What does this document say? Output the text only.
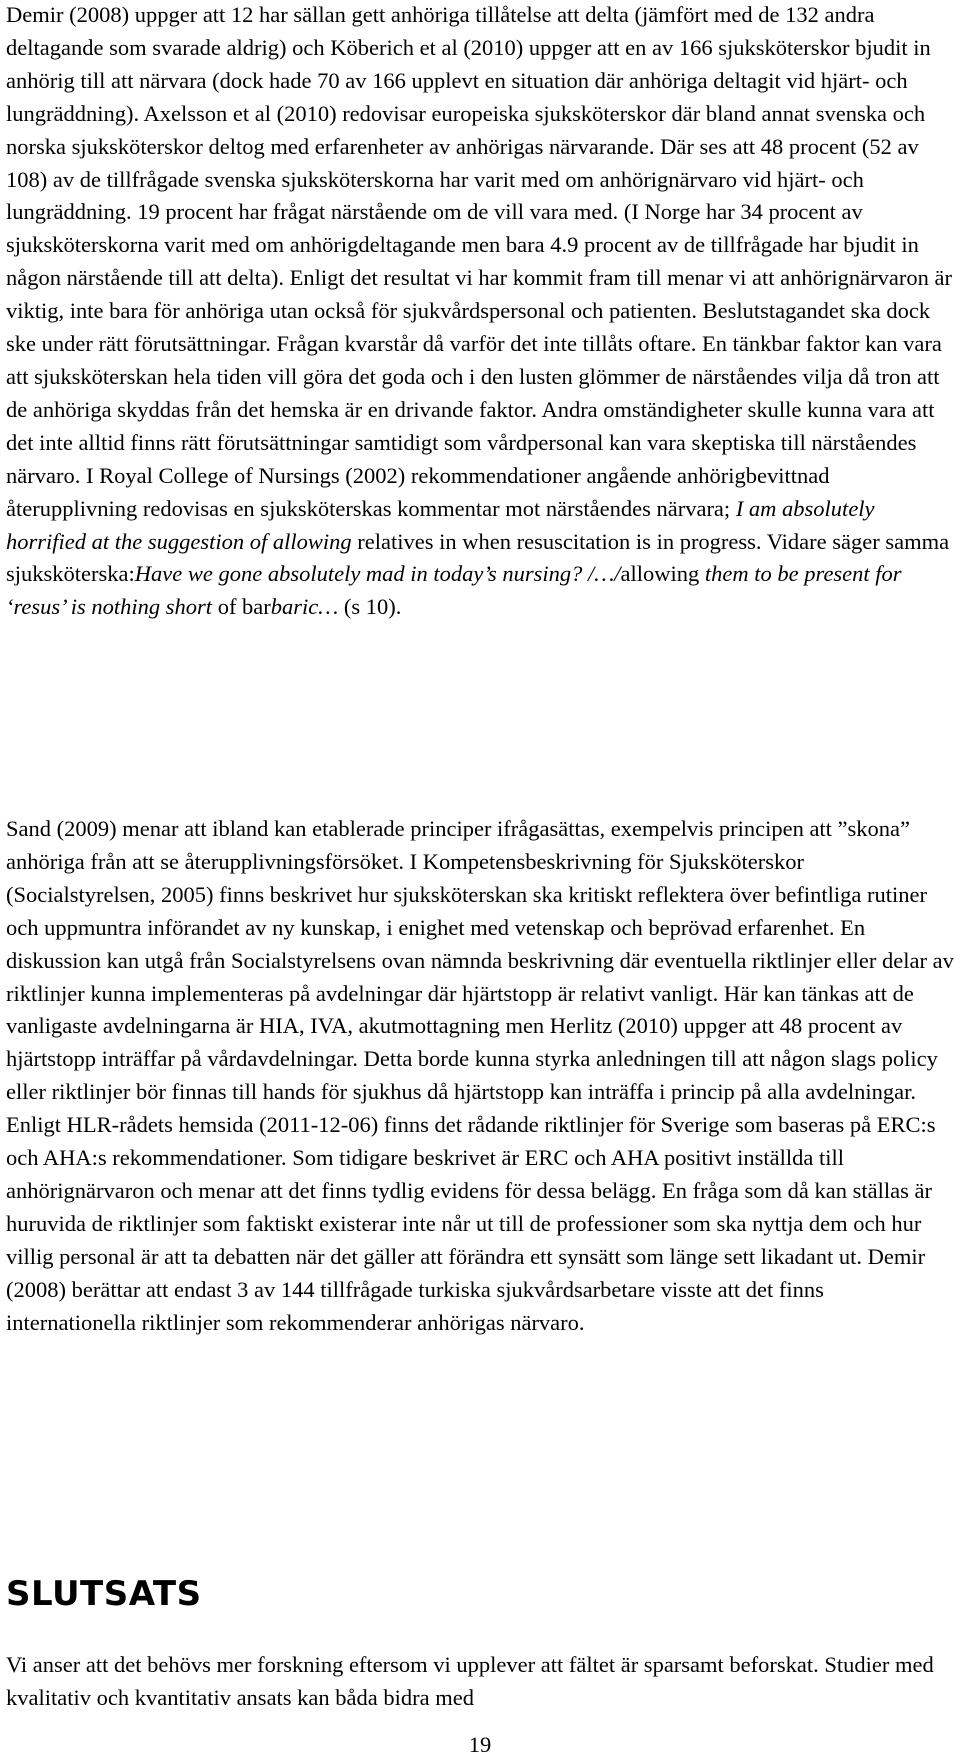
Demir (2008) uppger att 12 har sällan gett anhöriga tillåtelse att delta (jämfört med de 132 andra deltagande som svarade aldrig) och Köberich et al (2010) uppger att en av 166 sjuksköterskor bjudit in anhörig till att närvara (dock hade 70 av 166 upplevt en situation där anhöriga deltagit vid hjärt- och lungräddning). Axelsson et al (2010) redovisar europeiska sjuksköterskor där bland annat svenska och norska sjuksköterskor deltog med erfarenheter av anhörigas närvarande. Där ses att 48 procent (52 av 108) av de tillfrågade svenska sjuksköterskorna har varit med om anhörignärvaro vid hjärt- och lungräddning. 19 procent har frågat närstående om de vill vara med. (I Norge har 34 procent av sjuksköterskorna varit med om anhörigdeltagande men bara 4.9 procent av de tillfrågade har bjudit in någon närstående till att delta). Enligt det resultat vi har kommit fram till menar vi att anhörignärvaron är viktig, inte bara för anhöriga utan också för sjukvårdspersonal och patienten. Beslutstagandet ska dock ske under rätt förutsättningar. Frågan kvarstår då varför det inte tillåts oftare. En tänkbar faktor kan vara att sjuksköterskan hela tiden vill göra det goda och i den lusten glömmer de närståendes vilja då tron att de anhöriga skyddas från det hemska är en drivande faktor. Andra omständigheter skulle kunna vara att det inte alltid finns rätt förutsättningar samtidigt som vårdpersonal kan vara skeptiska till närståendes närvaro. I Royal College of Nursings (2002) rekommendationer angående anhörigbevittnad återupplivning redovisas en sjuksköterskas kommentar mot närståendes närvara; I am absolutely horrified at the suggestion of allowing relatives in when resuscitation is in progress. Vidare säger samma sjuksköterska:Have we gone absolutely mad in today’s nursing? /…/allowing them to be present for ‘resus’ is nothing short of barbaric… (s 10).

Sand (2009) menar att ibland kan etablerade principer ifrågasättas, exempelvis principen att ”skona” anhöriga från att se återupplivningsförsöket. I Kompetensbeskrivning för Sjuksköterskor (Socialstyrelsen, 2005) finns beskrivet hur sjuksköterskan ska kritiskt reflektera över befintliga rutiner och uppmuntra införandet av ny kunskap, i enighet med vetenskap och beprövad erfarenhet. En diskussion kan utgå från Socialstyrelsens ovan nämnda beskrivning där eventuella riktlinjer eller delar av riktlinjer kunna implementeras på avdelningar där hjärtstopp är relativt vanligt. Här kan tänkas att de vanligaste avdelningarna är HIA, IVA, akutmottagning men Herlitz (2010) uppger att 48 procent av hjärtstopp inträffar på vårdavdelningar. Detta borde kunna styrka anledningen till att någon slags policy eller riktlinjer bör finnas till hands för sjukhus då hjärtstopp kan inträffa i princip på alla avdelningar. Enligt HLR-rådets hemsida (2011-12-06) finns det rådande riktlinjer för Sverige som baseras på ERC:s och AHA:s rekommendationer. Som tidigare beskrivet är ERC och AHA positivt inställda till anhörignärvaron och menar att det finns tydlig evidens för dessa belägg. En fråga som då kan ställas är huruvida de riktlinjer som faktiskt existerar inte når ut till de professioner som ska nyttja dem och hur villig personal är att ta debatten när det gäller att förändra ett synsätt som länge sett likadant ut. Demir (2008) berättar att endast 3 av 144 tillfrågade turkiska sjukvårdsarbetare visste att det finns internationella riktlinjer som rekommenderar anhörigas närvaro.

SLUTSATS

Vi anser att det behövs mer forskning eftersom vi upplever att fältet är sparsamt beforskat. Studier med kvalitativ och kvantitativ ansats kan båda bidra med

19
